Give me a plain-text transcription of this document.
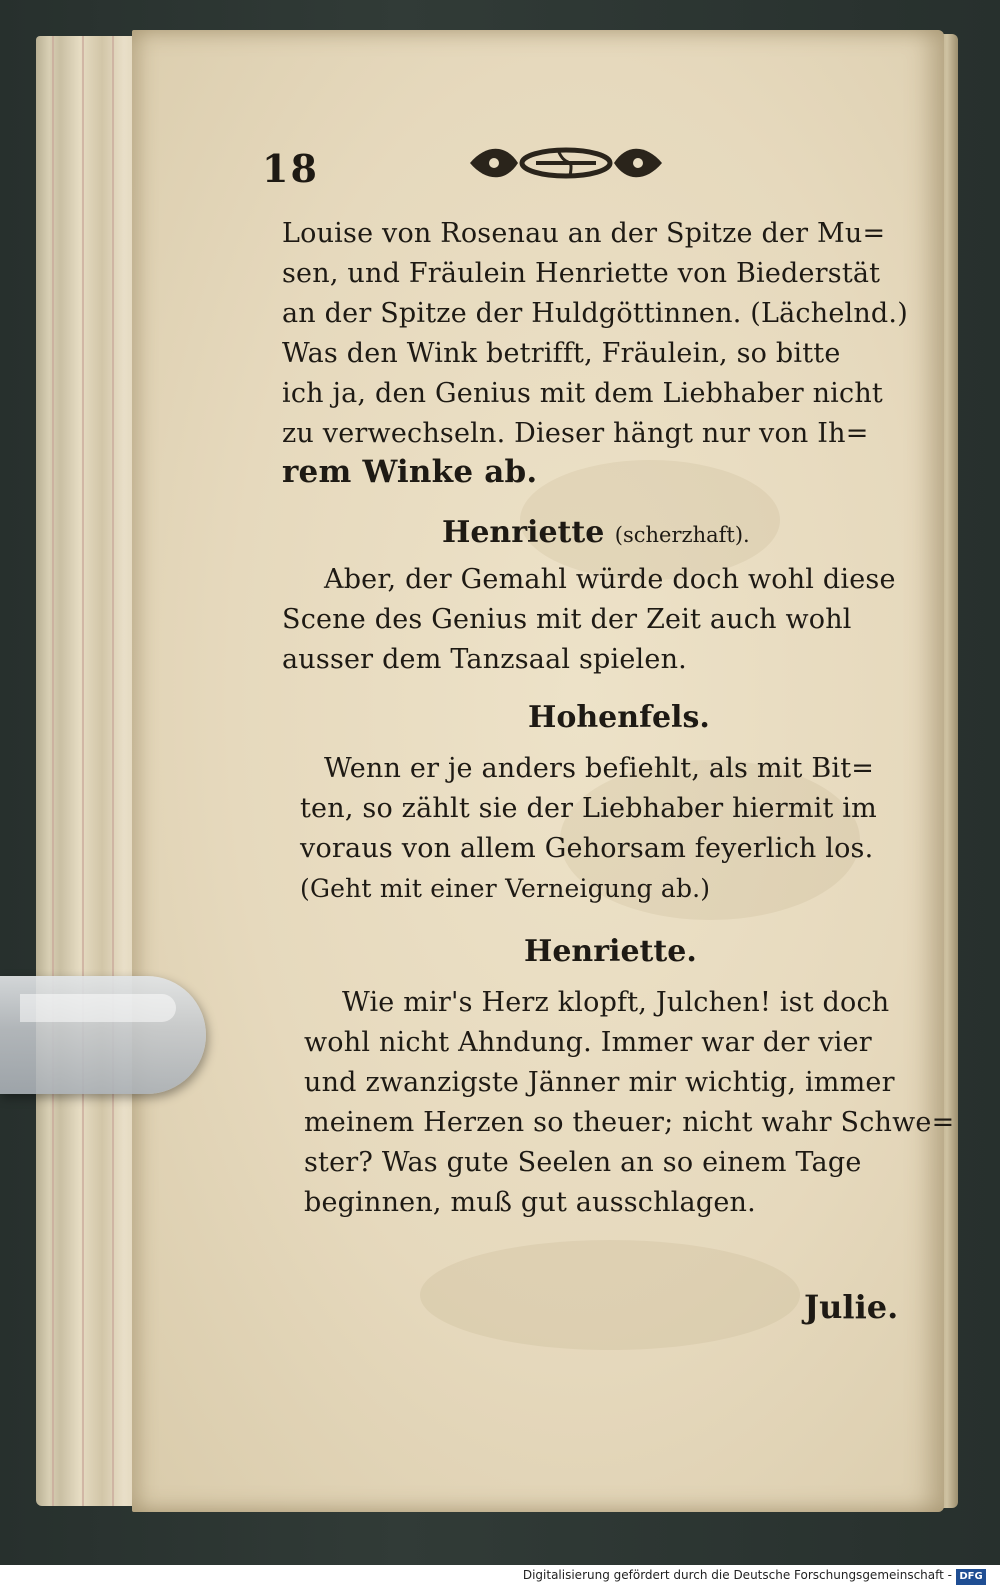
18
Louise von Rosenau an der Spitze der Mu=
sen, und Fräulein Henriette von Biederstät
an der Spitze der Huldgöttinnen. (Lächelnd.)
Was den Wink betrifft, Fräulein, so bitte
ich ja, den Genius mit dem Liebhaber nicht
zu verwechseln. Dieser hängt nur von Ih=
rem Winke ab.
Henriette (scherzhaft).
Aber, der Gemahl würde doch wohl diese
Scene des Genius mit der Zeit auch wohl
ausser dem Tanzsaal spielen.
Hohenfels.
Wenn er je anders befiehlt, als mit Bit=
ten, so zählt sie der Liebhaber hiermit im
voraus von allem Gehorsam feyerlich los.
(Geht mit einer Verneigung ab.)
Henriette.
Wie mir's Herz klopft, Julchen! ist doch
wohl nicht Ahndung. Immer war der vier
und zwanzigste Jänner mir wichtig, immer
meinem Herzen so theuer; nicht wahr Schwe=
ster? Was gute Seelen an so einem Tage
beginnen, muß gut ausschlagen.
Julie.
Digitalisierung gefördert durch die Deutsche Forschungsgemeinschaft - DFG
